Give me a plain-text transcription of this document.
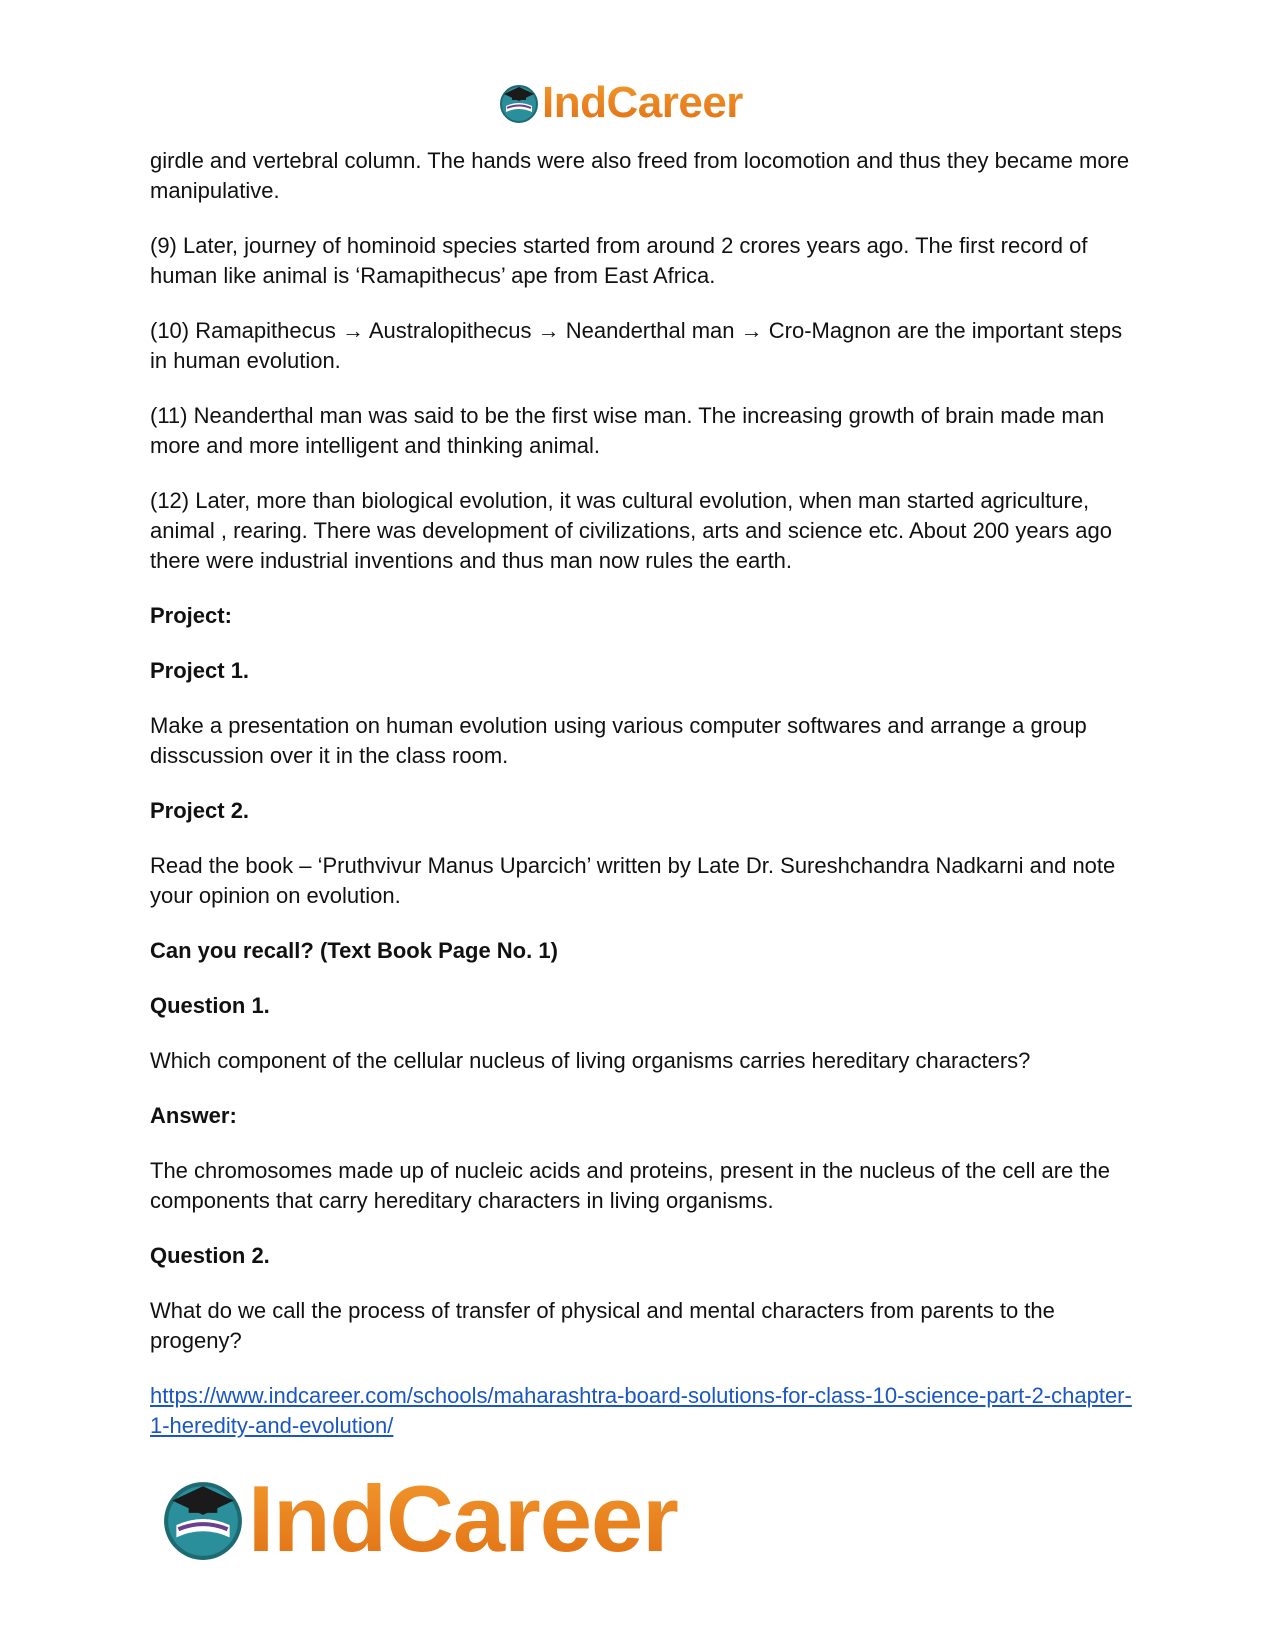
IndCareer

girdle and vertebral column. The hands were also freed from locomotion and thus they became more manipulative.

(9) Later, journey of hominoid species started from around 2 crores years ago. The first record of human like animal is ‘Ramapithecus’ ape from East Africa.

(10) Ramapithecus → Australopithecus → Neanderthal man → Cro-Magnon are the important steps in human evolution.

(11) Neanderthal man was said to be the first wise man. The increasing growth of brain made man more and more intelligent and thinking animal.

(12) Later, more than biological evolution, it was cultural evolution, when man started agriculture, animal , rearing. There was development of civilizations, arts and science etc. About 200 years ago there were industrial inventions and thus man now rules the earth.

Project:

Project 1.

Make a presentation on human evolution using various computer softwares and arrange a group disscussion over it in the class room.

Project 2.

Read the book – ‘Pruthvivur Manus Uparcich’ written by Late Dr. Sureshchandra Nadkarni and note your opinion on evolution.

Can you recall? (Text Book Page No. 1)

Question 1.

Which component of the cellular nucleus of living organisms carries hereditary characters?

Answer:

The chromosomes made up of nucleic acids and proteins, present in the nucleus of the cell are the components that carry hereditary characters in living organisms.

Question 2.

What do we call the process of transfer of physical and mental characters from parents to the progeny?

https://www.indcareer.com/schools/maharashtra-board-solutions-for-class-10-science-part-2-chapter-1-heredity-and-evolution/

IndCareer
